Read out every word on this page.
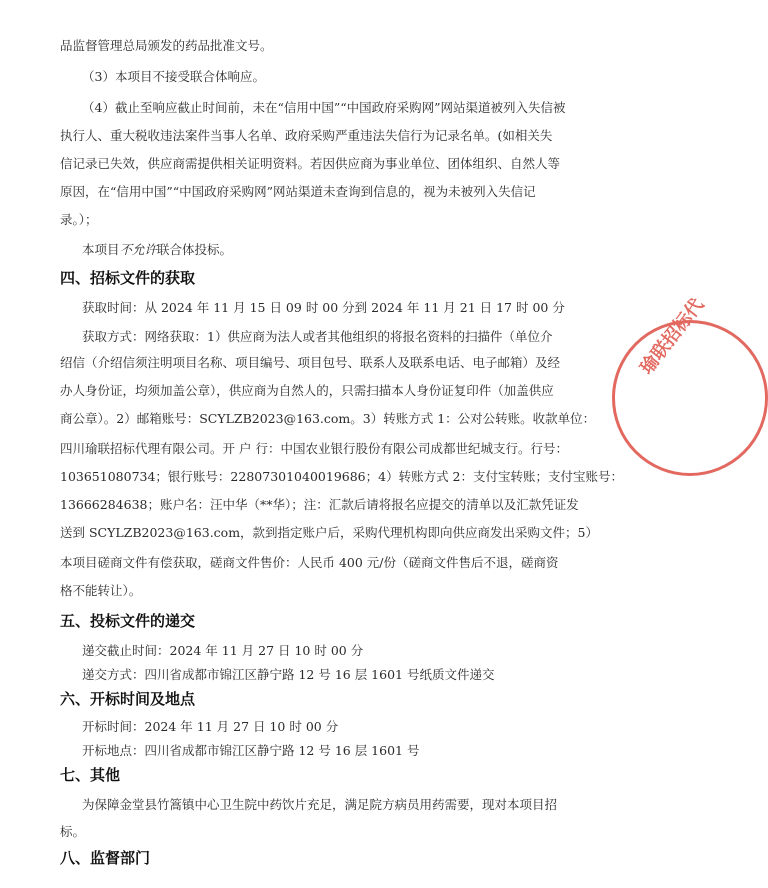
品监督管理总局颁发的药品批准文号。
（3）本项目不接受联合体响应。
（4）截止至响应截止时间前，未在“信用中国”“中国政府采购网”网站渠道被列入失信被
执行人、重大税收违法案件当事人名单、政府采购严重违法失信行为记录名单。(如相关失
信记录已失效，供应商需提供相关证明资料。若因供应商为事业单位、团体组织、自然人等
原因，在“信用中国”“中国政府采购网”网站渠道未查询到信息的，视为未被列入失信记
录。）；
本项目不允许联合体投标。
四、招标文件的获取
获取时间：从 2024 年 11 月 15 日 09 时 00 分到 2024 年 11 月 21 日 17 时 00 分
获取方式：网络获取：1）供应商为法人或者其他组织的将报名资料的扫描件（单位介
绍信（介绍信须注明项目名称、项目编号、项目包号、联系人及联系电话、电子邮箱）及经
办人身份证，均须加盖公章），供应商为自然人的，只需扫描本人身份证复印件（加盖供应
商公章）。2）邮箱账号：SCYLZB2023@163.com。3）转账方式 1：公对公转账。收款单位：
四川瑜联招标代理有限公司。开 户 行：中国农业银行股份有限公司成都世纪城支行。行号：
103651080734；银行账号：22807301040019686；4）转账方式 2：支付宝转账；支付宝账号：
13666284638；账户名：汪中华（**华）；注：汇款后请将报名应提交的清单以及汇款凭证发
送到 SCYLZB2023@163.com，款到指定账户后，采购代理机构即向供应商发出采购文件；5）
本项目磋商文件有偿获取，磋商文件售价：人民币 400 元/份（磋商文件售后不退，磋商资
格不能转让）。
五、投标文件的递交
递交截止时间：2024 年 11 月 27 日 10 时 00 分
递交方式：四川省成都市锦江区静宁路 12 号 16 层 1601 号纸质文件递交
六、开标时间及地点
开标时间：2024 年 11 月 27 日 10 时 00 分
开标地点：四川省成都市锦江区静宁路 12 号 16 层 1601 号
七、其他
为保障金堂县竹篙镇中心卫生院中药饮片充足，满足院方病员用药需要，现对本项目招
标。
八、监督部门
瑜联招标代
